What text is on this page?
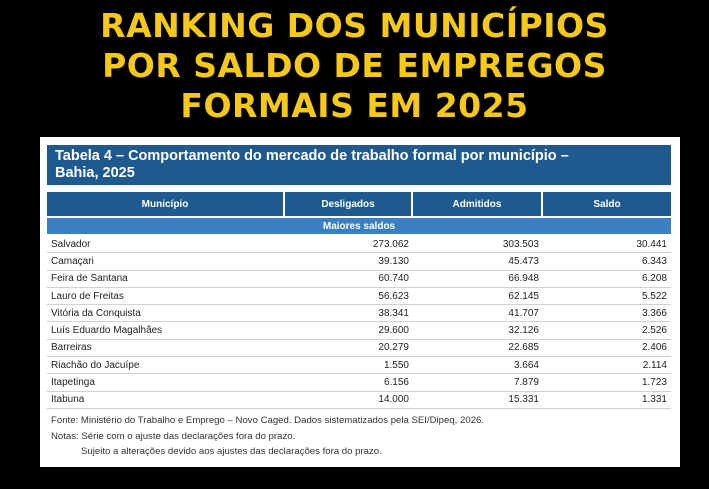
RANKING DOS MUNICÍPIOS
POR SALDO DE EMPREGOS
FORMAIS EM 2025
Tabela 4 – Comportamento do mercado de trabalho formal por município –
Bahia, 2025
Município	Desligados	Admitidos	Saldo
Maiores saldos
Salvador	273.062	303.503	30.441
Camaçari	39.130	45.473	6.343
Feira de Santana	60.740	66.948	6.208
Lauro de Freitas	56.623	62.145	5.522
Vitória da Conquista	38.341	41.707	3.366
Luís Eduardo Magalhães	29.600	32.126	2.526
Barreiras	20.279	22.685	2.406
Riachão do Jacuípe	1.550	3.664	2.114
Itapetinga	6.156	7.879	1.723
Itabuna	14.000	15.331	1.331
Fonte: Ministério do Trabalho e Emprego – Novo Caged. Dados sistematizados pela SEI/Dipeq, 2026.
Notas: Série com o ajuste das declarações fora do prazo.
Sujeito a alterações devido aos ajustes das declarações fora do prazo.
